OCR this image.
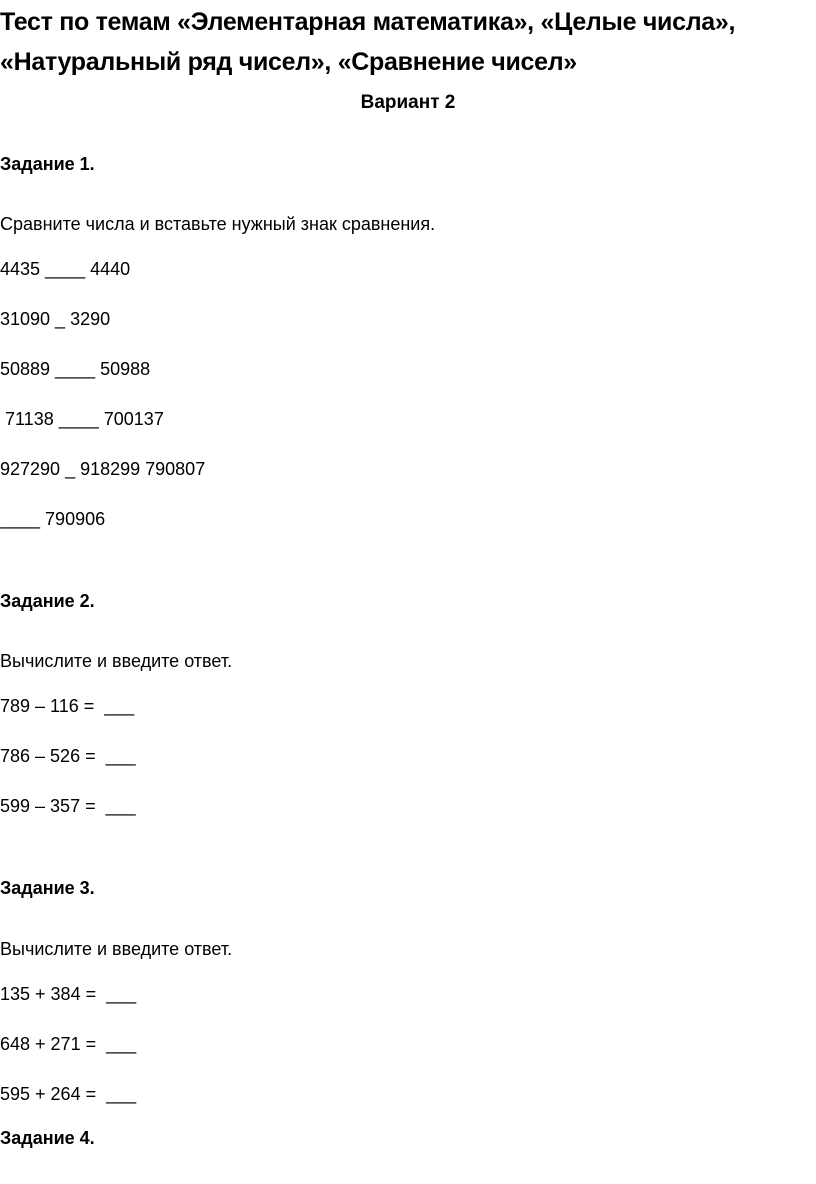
Тест по темам «Элементарная математика», «Целые числа»,
«Натуральный ряд чисел», «Сравнение чисел»

Вариант 2

Задание 1.

Сравните числа и вставьте нужный знак сравнения.

4435 ____ 4440

31090 _ 3290

50889 ____ 50988

71138 ____ 700137

927290 _ 918299 790807

____ 790906

Задание 2.

Вычислите и введите ответ.

789 – 116 =  ___

786 – 526 =  ___

599 – 357 =  ___

Задание 3.

Вычислите и введите ответ.

135 + 384 =  ___

648 + 271 =  ___

595 + 264 =  ___

Задание 4.
